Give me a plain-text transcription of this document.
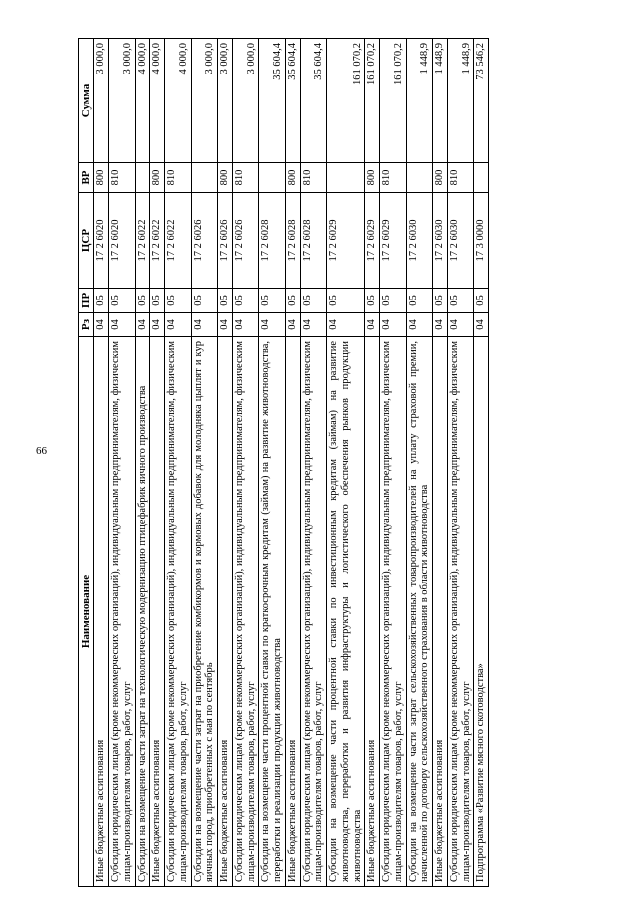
66
Наименование	Рз	ПР	ЦСР	ВР	Сумма
Иные бюджетные ассигнования	04	05	17 2 6020	800	3 000,0
Субсидии юридическим лицам (кроме некоммерческих организаций), индивидуальным предпринимателям, физическим лицам-производителям товаров, работ, услуг	04	05	17 2 6020	810	3 000,0
Субсидии на возмещение части затрат на технологическую модернизацию птицефабрик яичного производства	04	05	17 2 6022		4 000,0
Иные бюджетные ассигнования	04	05	17 2 6022	800	4 000,0
Субсидии юридическим лицам (кроме некоммерческих организаций), индивидуальным предпринимателям, физическим лицам-производителям товаров, работ, услуг	04	05	17 2 6022	810	4 000,0
Субсидии на возмещение части затрат на приобретение комбикормов и кормовых добавок для молодняка цыплят и кур яичных пород, приобретенных с мая по сентябрь	04	05	17 2 6026		3 000,0
Иные бюджетные ассигнования	04	05	17 2 6026	800	3 000,0
Субсидии юридическим лицам (кроме некоммерческих организаций), индивидуальным предпринимателям, физическим лицам-производителям товаров, работ, услуг	04	05	17 2 6026	810	3 000,0
Субсидии на возмещение части процентной ставки по краткосрочным кредитам (займам) на развитие животноводства, переработки и реализации продукции животноводства	04	05	17 2 6028		35 604,4
Иные бюджетные ассигнования	04	05	17 2 6028	800	35 604,4
Субсидии юридическим лицам (кроме некоммерческих организаций), индивидуальным предпринимателям, физическим лицам-производителям товаров, работ, услуг	04	05	17 2 6028	810	35 604,4
Субсидии на возмещение части процентной ставки по инвестиционным кредитам (займам) на развитие животноводства, переработки и развития инфраструктуры и логистического обеспечения рынков продукции животноводства	04	05	17 2 6029		161 070,2
Иные бюджетные ассигнования	04	05	17 2 6029	800	161 070,2
Субсидии юридическим лицам (кроме некоммерческих организаций), индивидуальным предпринимателям, физическим лицам-производителям товаров, работ, услуг	04	05	17 2 6029	810	161 070,2
Субсидии на возмещение части затрат сельскохозяйственных товаропроизводителей на уплату страховой премии, начисленной по договору сельскохозяйственного страхования в области животноводства	04	05	17 2 6030		1 448,9
Иные бюджетные ассигнования	04	05	17 2 6030	800	1 448,9
Субсидии юридическим лицам (кроме некоммерческих организаций), индивидуальным предпринимателям, физическим лицам-производителям товаров, работ, услуг	04	05	17 2 6030	810	1 448,9
Подпрограмма «Развитие мясного скотоводства»	04	05	17 3 0000		73 546,2
